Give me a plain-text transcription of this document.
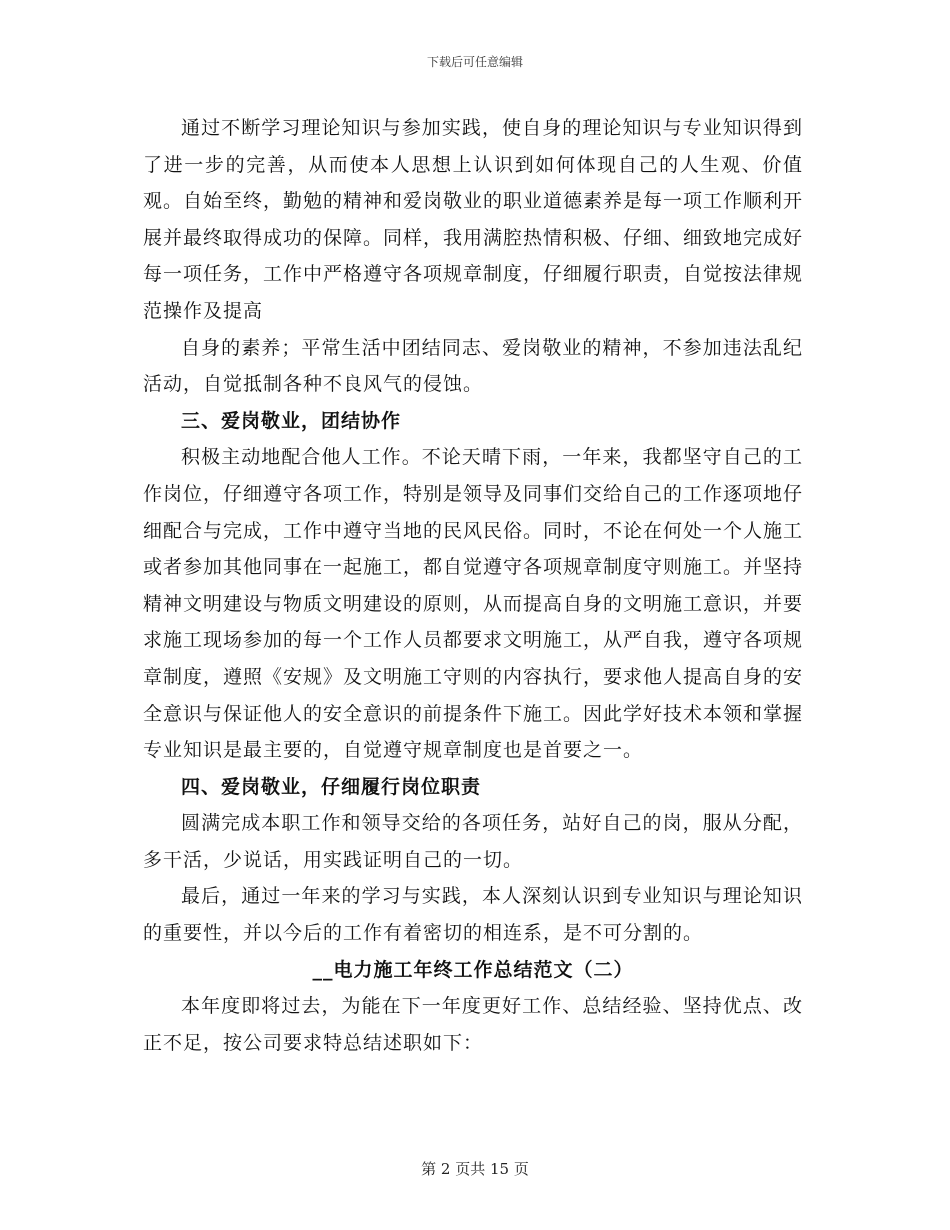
下载后可任意编辑

通过不断学习理论知识与参加实践，使自身的理论知识与专业知识得到了进一步的完善，从而使本人思想上认识到如何体现自己的人生观、价值观。自始至终，勤勉的精神和爱岗敬业的职业道德素养是每一项工作顺利开展并最终取得成功的保障。同样，我用满腔热情积极、仔细、细致地完成好每一项任务，工作中严格遵守各项规章制度，仔细履行职责，自觉按法律规范操作及提高

自身的素养；平常生活中团结同志、爱岗敬业的精神，不参加违法乱纪活动，自觉抵制各种不良风气的侵蚀。

三、爱岗敬业，团结协作

积极主动地配合他人工作。不论天晴下雨，一年来，我都坚守自己的工作岗位，仔细遵守各项工作，特别是领导及同事们交给自己的工作逐项地仔细配合与完成，工作中遵守当地的民风民俗。同时，不论在何处一个人施工或者参加其他同事在一起施工，都自觉遵守各项规章制度守则施工。并坚持精神文明建设与物质文明建设的原则，从而提高自身的文明施工意识，并要求施工现场参加的每一个工作人员都要求文明施工，从严自我，遵守各项规章制度，遵照《安规》及文明施工守则的内容执行，要求他人提高自身的安全意识与保证他人的安全意识的前提条件下施工。因此学好技术本领和掌握专业知识是最主要的，自觉遵守规章制度也是首要之一。

四、爱岗敬业，仔细履行岗位职责

圆满完成本职工作和领导交给的各项任务，站好自己的岗，服从分配，多干活，少说话，用实践证明自己的一切。

最后，通过一年来的学习与实践，本人深刻认识到专业知识与理论知识的重要性，并以今后的工作有着密切的相连系，是不可分割的。

__电力施工年终工作总结范文（二）

本年度即将过去，为能在下一年度更好工作、总结经验、坚持优点、改正不足，按公司要求特总结述职如下：

第 2 页共 15 页
